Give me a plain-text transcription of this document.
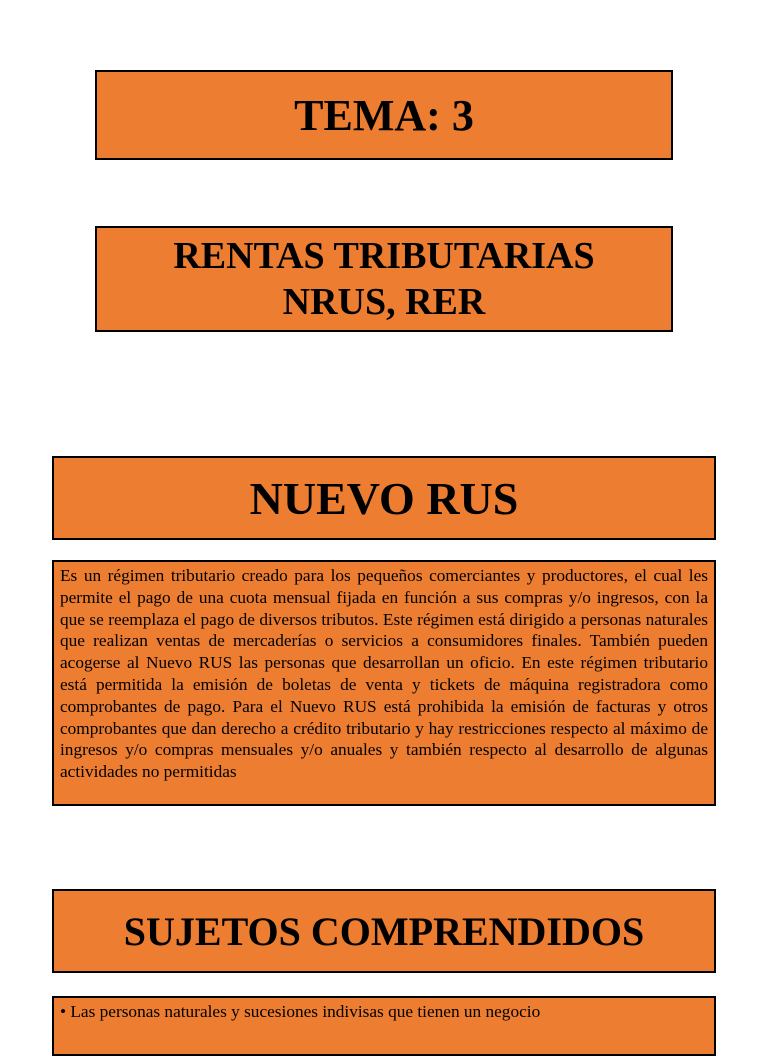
TEMA: 3
RENTAS TRIBUTARIAS
NRUS, RER
NUEVO RUS
Es un régimen tributario creado para los pequeños comerciantes y productores, el cual les permite el pago de una cuota mensual fijada en función a sus compras y/o ingresos, con la que se reemplaza el pago de diversos tributos. Este régimen está dirigido a personas naturales que realizan ventas de mercaderías o servicios a consumidores finales. También pueden acogerse al Nuevo RUS las personas que desarrollan un oficio. En este régimen tributario está permitida la emisión de boletas de venta y tickets de máquina registradora como comprobantes de pago. Para el Nuevo RUS está prohibida la emisión de facturas y otros comprobantes que dan derecho a crédito tributario y hay restricciones respecto al máximo de ingresos y/o compras mensuales y/o anuales y también respecto al desarrollo de algunas actividades no permitidas
SUJETOS COMPRENDIDOS
• Las personas naturales y sucesiones indivisas que tienen un negocio
